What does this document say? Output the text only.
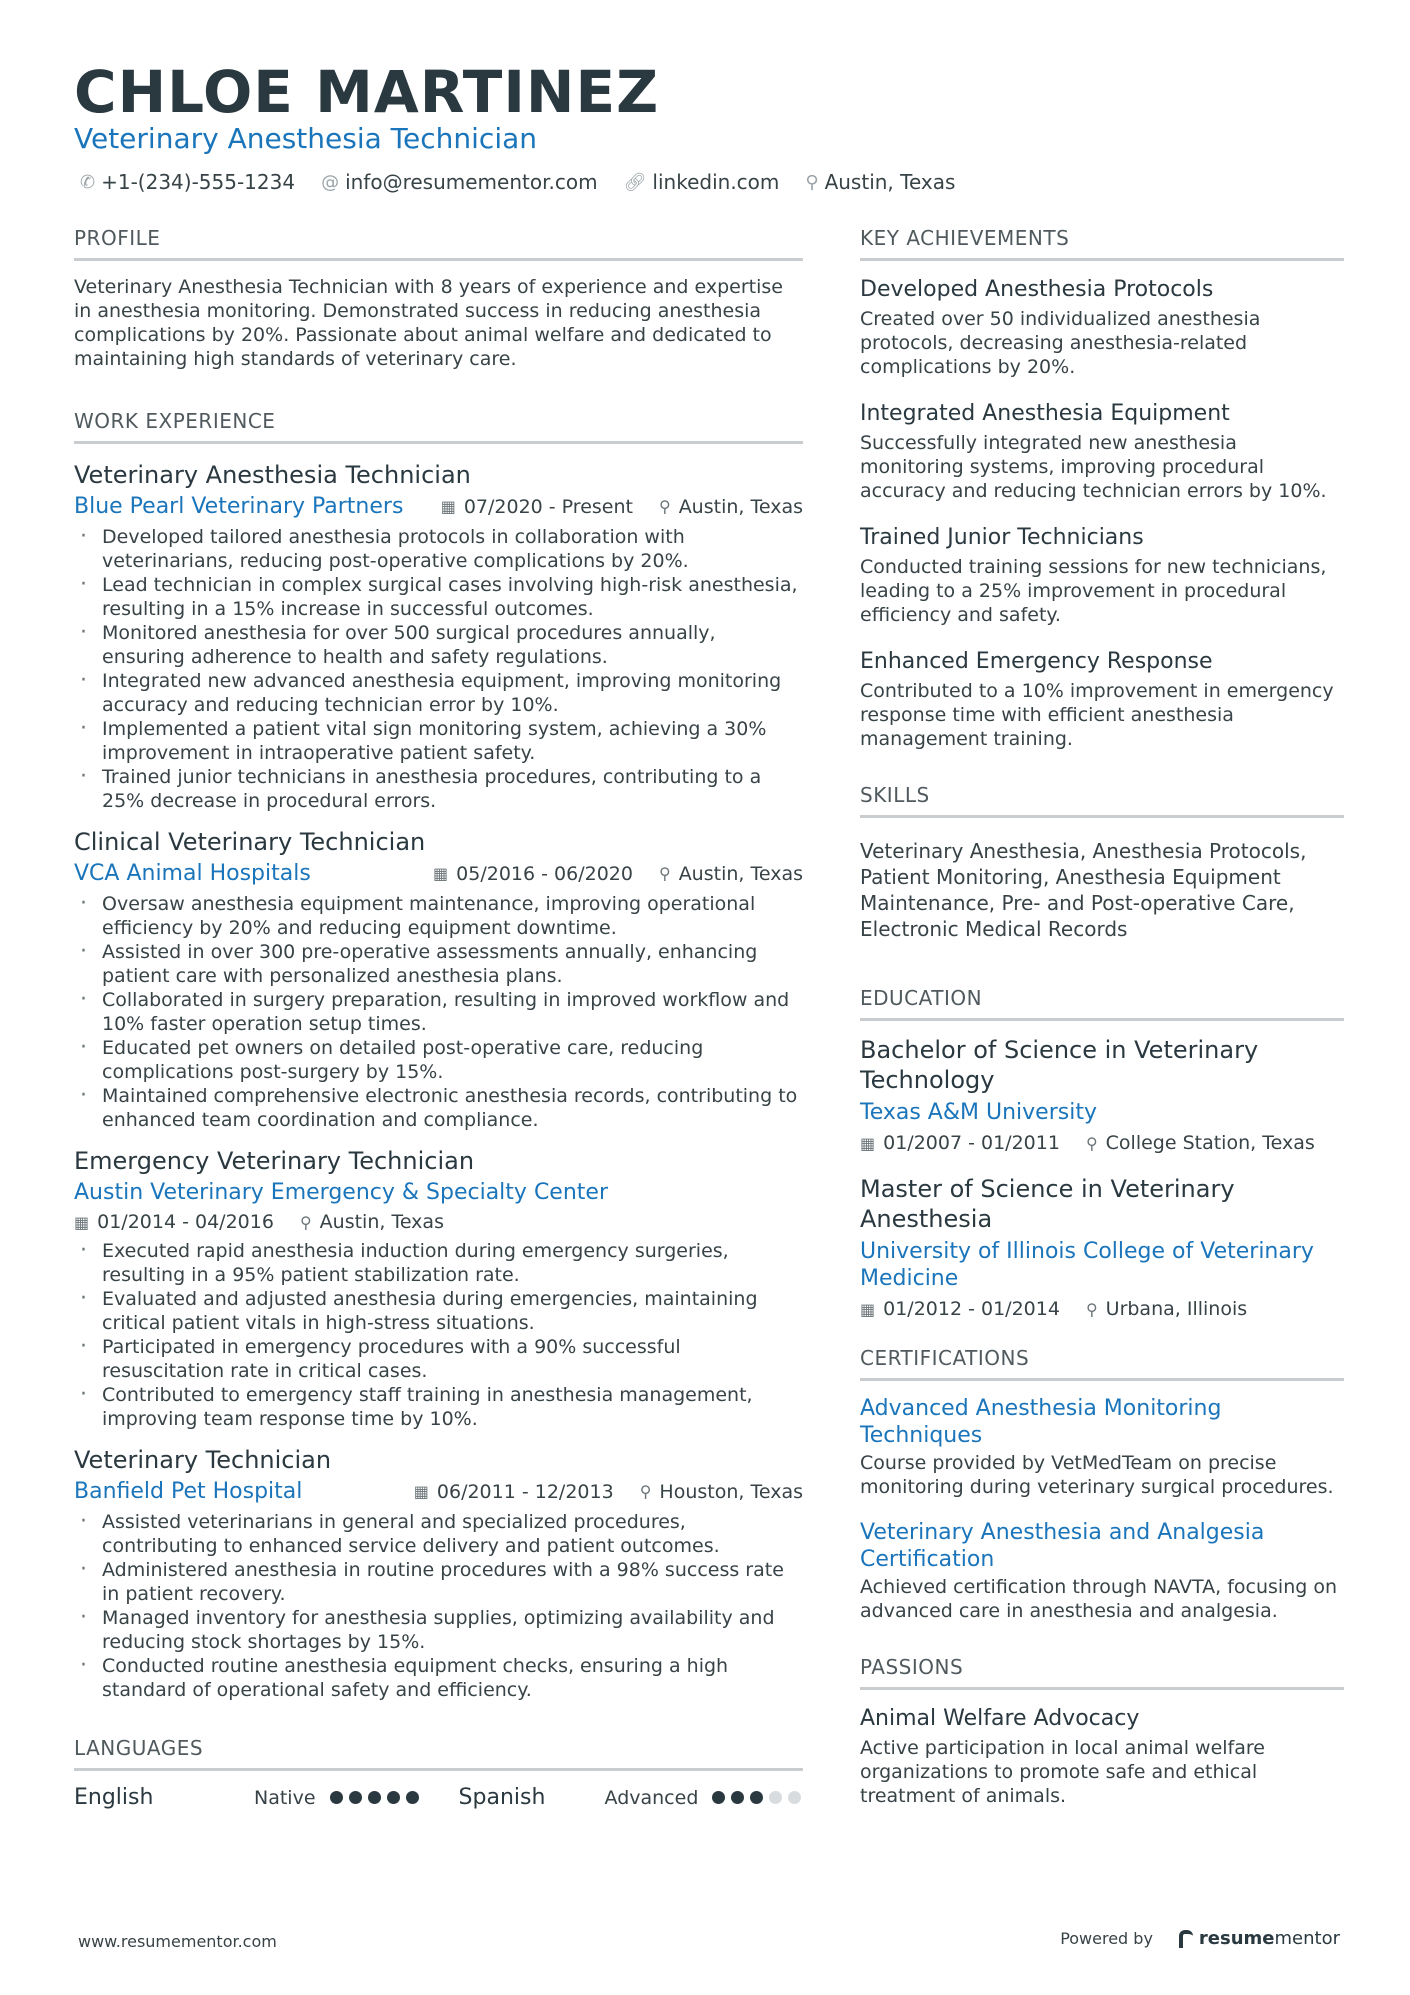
CHLOE MARTINEZ
Veterinary Anesthesia Technician
✆ +1-(234)-555-1234 @ info@resumementor.com 🔗︎ linkedin.com ⚲ Austin, Texas
PROFILE

Veterinary Anesthesia Technician with 8 years of experience and expertise in anesthesia monitoring. Demonstrated success in reducing anesthesia complications by 20%. Passionate about animal welfare and dedicated to maintaining high standards of veterinary care.

WORK EXPERIENCE
Veterinary Anesthesia Technician
Blue Pearl Veterinary Partners ▦ 07/2020 - Present ⚲ Austin, Texas
· Developed tailored anesthesia protocols in collaboration with veterinarians, reducing post-operative complications by 20%.
· Lead technician in complex surgical cases involving high-risk anesthesia, resulting in a 15% increase in successful outcomes.
· Monitored anesthesia for over 500 surgical procedures annually, ensuring adherence to health and safety regulations.
· Integrated new advanced anesthesia equipment, improving monitoring accuracy and reducing technician error by 10%.
· Implemented a patient vital sign monitoring system, achieving a 30% improvement in intraoperative patient safety.
· Trained junior technicians in anesthesia procedures, contributing to a 25% decrease in procedural errors.
Clinical Veterinary Technician
VCA Animal Hospitals	▦ 05/2016 - 06/2020 ⚲ Austin, Texas
· Oversaw anesthesia equipment maintenance, improving operational efficiency by 20% and reducing equipment downtime.
· Assisted in over 300 pre-operative assessments annually, enhancing patient care with personalized anesthesia plans.
· Collaborated in surgery preparation, resulting in improved workflow and 10% faster operation setup times.
· Educated pet owners on detailed post-operative care, reducing complications post-surgery by 15%.
· Maintained comprehensive electronic anesthesia records, contributing to enhanced team coordination and compliance.
Emergency Veterinary Technician
Austin Veterinary Emergency & Specialty Center
▦ 01/2014 - 04/2016 ⚲ Austin, Texas
· Executed rapid anesthesia induction during emergency surgeries, resulting in a 95% patient stabilization rate.
· Evaluated and adjusted anesthesia during emergencies, maintaining critical patient vitals in high-stress situations.
· Participated in emergency procedures with a 90% successful resuscitation rate in critical cases.
· Contributed to emergency staff training in anesthesia management, improving team response time by 10%.
Veterinary Technician
Banfield Pet Hospital	▦ 06/2011 - 12/2013 ⚲ Houston, Texas
· Assisted veterinarians in general and specialized procedures, contributing to enhanced service delivery and patient outcomes.
· Administered anesthesia in routine procedures with a 98% success rate in patient recovery.
· Managed inventory for anesthesia supplies, optimizing availability and reducing stock shortages by 15%.
· Conducted routine anesthesia equipment checks, ensuring a high standard of operational safety and efficiency.
LANGUAGES
English	Native	Spanish	Advanced
KEY ACHIEVEMENTS
Developed Anesthesia Protocols
Created over 50 individualized anesthesia protocols, decreasing anesthesia-related complications by 20%.
Integrated Anesthesia Equipment
Successfully integrated new anesthesia monitoring systems, improving procedural accuracy and reducing technician errors by 10%.
Trained Junior Technicians
Conducted training sessions for new technicians, leading to a 25% improvement in procedural efficiency and safety.
Enhanced Emergency Response
Contributed to a 10% improvement in emergency response time with efficient anesthesia management training.
SKILLS

Veterinary Anesthesia, Anesthesia Protocols, Patient Monitoring, Anesthesia Equipment Maintenance, Pre- and Post-operative Care, Electronic Medical Records

EDUCATION
Bachelor of Science in Veterinary Technology
Texas A&M University
▦ 01/2007 - 01/2011 ⚲ College Station, Texas
Master of Science in Veterinary Anesthesia
University of Illinois College of Veterinary Medicine
▦ 01/2012 - 01/2014 ⚲ Urbana, Illinois
CERTIFICATIONS
Advanced Anesthesia Monitoring Techniques
Course provided by VetMedTeam on precise monitoring during veterinary surgical procedures.
Veterinary Anesthesia and Analgesia Certification
Achieved certification through NAVTA, focusing on advanced care in anesthesia and analgesia.
PASSIONS
Animal Welfare Advocacy
Active participation in local animal welfare organizations to promote safe and ethical treatment of animals.
www.resumementor.com	Powered by	resumementor
